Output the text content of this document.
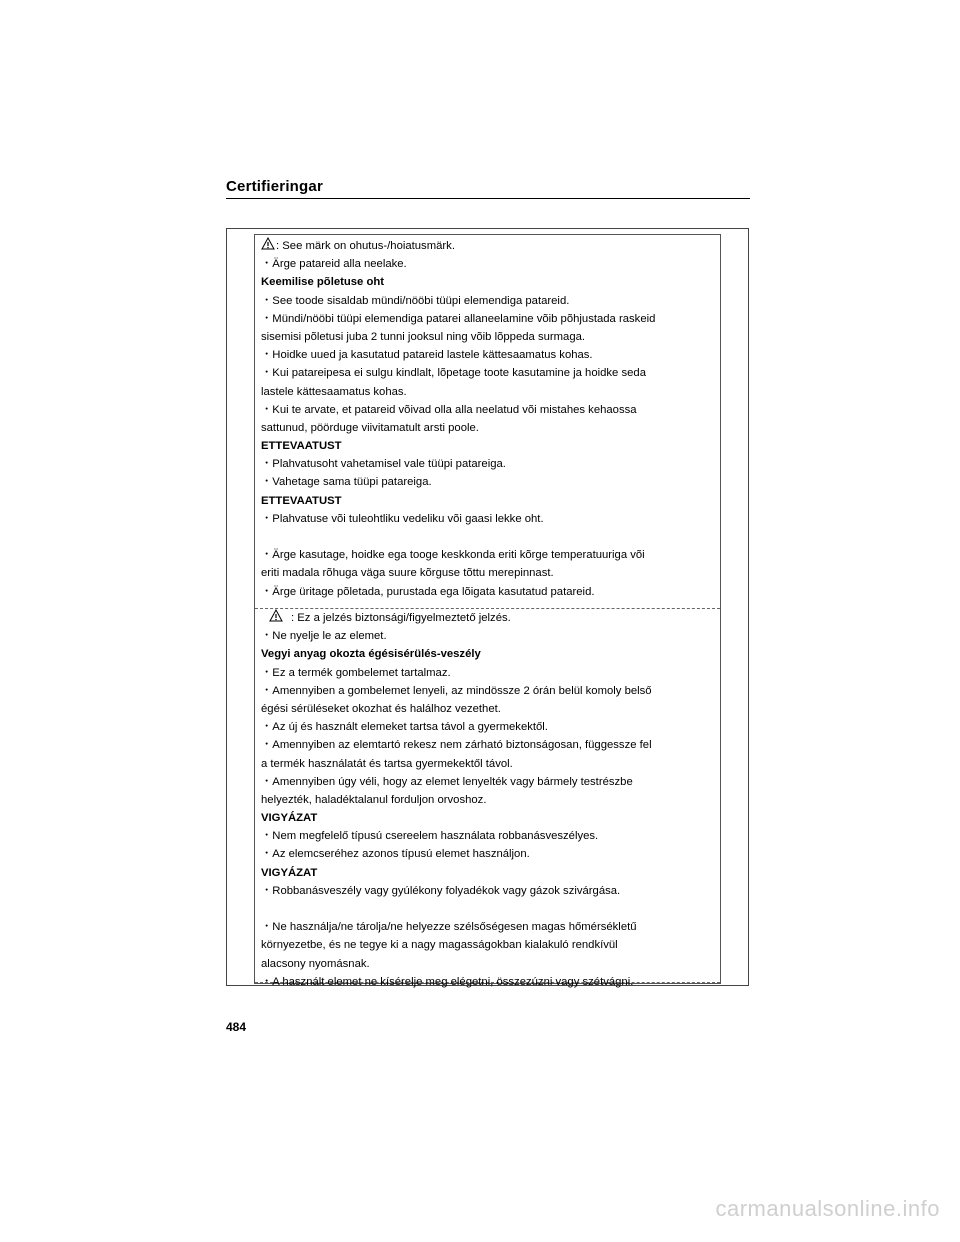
Certifieringar
: See märk on ohutus-/hoiatusmärk.
・Ärge patareid alla neelake.
Keemilise põletuse oht
・See toode sisaldab mündi/nööbi tüüpi elemendiga patareid.
・Mündi/nööbi tüüpi elemendiga patarei allaneelamine võib põhjustada raskeid
sisemisi põletusi juba 2 tunni jooksul ning võib lõppeda surmaga.
・Hoidke uued ja kasutatud patareid lastele kättesaamatus kohas.
・Kui patareipesa ei sulgu kindlalt, lõpetage toote kasutamine ja hoidke seda
lastele kättesaamatus kohas.
・Kui te arvate, et patareid võivad olla alla neelatud või mistahes kehaossa
sattunud, pöörduge viivitamatult arsti poole.
ETTEVAATUST
・Plahvatusoht vahetamisel vale tüüpi patareiga.
・Vahetage sama tüüpi patareiga.
ETTEVAATUST
・Plahvatuse või tuleohtliku vedeliku või gaasi lekke oht.
・Ärge kasutage, hoidke ega tooge keskkonda eriti kõrge temperatuuriga või
eriti madala rõhuga väga suure kõrguse tõttu merepinnast.
・Ärge üritage põletada, purustada ega lõigata kasutatud patareid.
: Ez a jelzés biztonsági/figyelmeztető jelzés.
・Ne nyelje le az elemet.
Vegyi anyag okozta égésisérülés-veszély
・Ez a termék gombelemet tartalmaz.
・Amennyiben a gombelemet lenyeli, az mindössze 2 órán belül komoly belső
égési sérüléseket okozhat és halálhoz vezethet.
・Az új és használt elemeket tartsa távol a gyermekektől.
・Amennyiben az elemtartó rekesz nem zárható biztonságosan, függessze fel
a termék használatát és tartsa gyermekektől távol.
・Amennyiben úgy véli, hogy az elemet lenyelték vagy bármely testrészbe
helyezték, haladéktalanul forduljon orvoshoz.
VIGYÁZAT
・Nem megfelelő típusú csereelem használata robbanásveszélyes.
・Az elemcseréhez azonos típusú elemet használjon.
VIGYÁZAT
・Robbanásveszély vagy gyúlékony folyadékok vagy gázok szivárgása.
・Ne használja/ne tárolja/ne helyezze szélsőségesen magas hőmérsékletű
környezetbe, és ne tegye ki a nagy magasságokban kialakuló rendkívül
alacsony nyomásnak.
・A használt elemet ne kísérelje meg elégetni, összezúzni vagy szétvágni.
484
carmanualsonline.info
